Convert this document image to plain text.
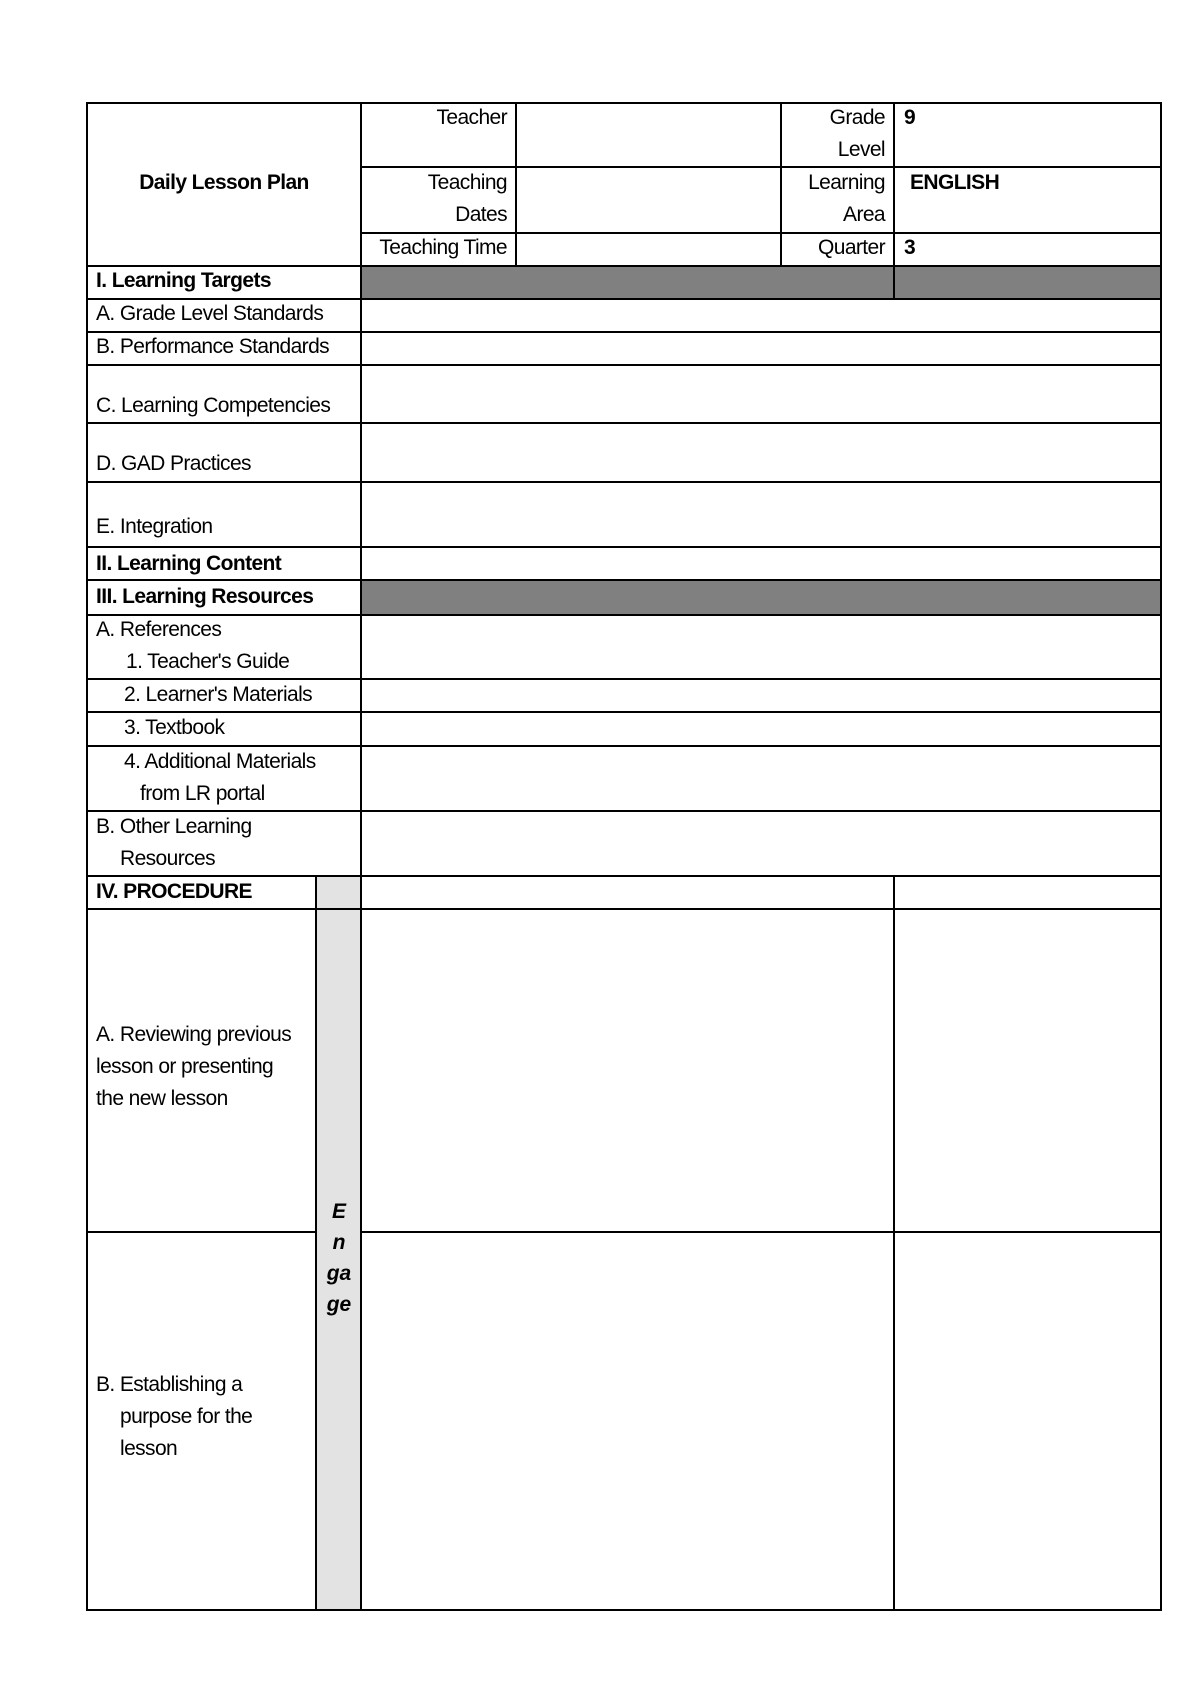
Daily Lesson Plan
Teacher
Teaching
Dates
Teaching Time
Grade
Level
9
Learning
Area
ENGLISH
Quarter 3
I. Learning Targets
A. Grade Level Standards
B. Performance Standards
C. Learning Competencies
D. GAD Practices
E. Integration
II. Learning Content
III. Learning Resources
A. References
1. Teacher's Guide
2. Learner's Materials
3. Textbook
4. Additional Materials
from LR portal
B. Other Learning
Resources
IV. PROCEDURE
A. Reviewing previous
lesson or presenting
the new lesson
E
n
ga
ge
B. Establishing a
purpose for the
lesson
